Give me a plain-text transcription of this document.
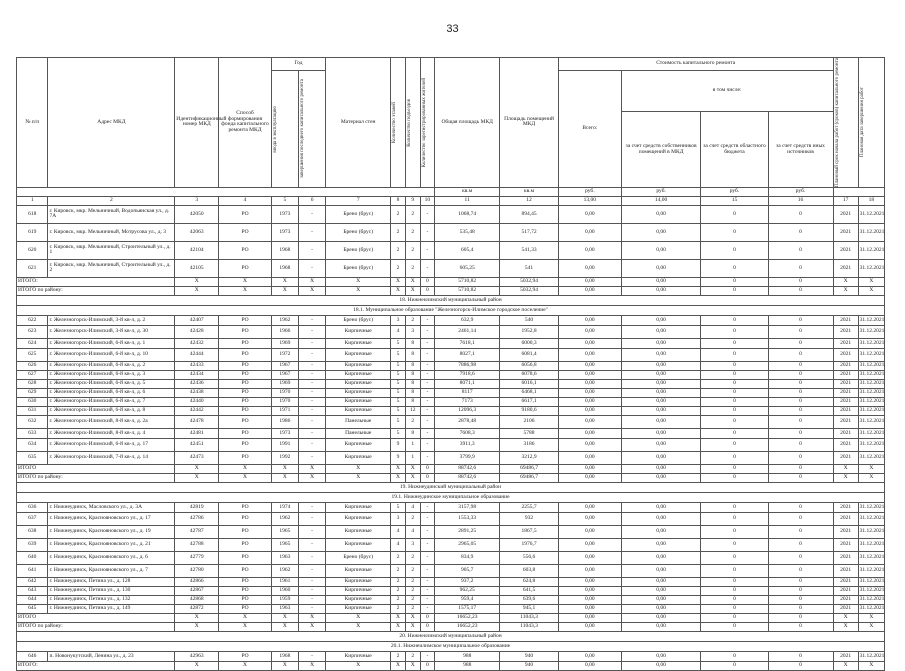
33
№ п/п	Адрес МКД	Идентификационный номер МКД	Способ формирования фонда капитального ремонта МКД	Год		Материал стен	Количество этажей	Количество подъездов	Количество зарегистрированных жителей	Общая площадь МКД	Площадь помещений МКД	Стоимость капитального ремонта				Плановый срок начала работ (сроков) капитального ремонта	Плановая дата завершения работ

				ввода в эксплуатацию	завершения последнего капитального ремонта							Всего:	в том числе:				
													за счет средств собственников помещений в МКД	за счет средств областного бюджета	за счет средств иных источников		
										кв.м	кв.м	руб.	руб.	руб.	руб.		
1	2	3	4	5	6	7	8	9	10	11	12	13,00	14,00	15	16	17	18
618	г. Кировск, мкр. Мельничный, Водопьянская ул., д. 7А	42050	РО	1973	-	Брено (брус)	2	2	-	1068,74	894,45	0,00	0,00	0	0	2021	31.12.2021
619	г. Кировск, мкр. Мельничный, Мотрусова ул., д. 3	42063	РО	1973	-	Брено (брус)	2	2	-	535,48	517,72	0,00	0,00	0	0	2021	31.12.2021
620	г. Кировск, мкр. Мельничный, Строительный ул., д. 1	42104	РО	1968	-	Брено (брус)	2	2	-	605,4	541,33	0,00	0,00	0	0	2021	31.12.2021
621	г. Кировск, мкр. Мельничный, Строительный ул., д. 2	42105	РО	1968	-	Брено (брус)	2	2	-	605,25	541	0,00	0,00	0	0	2021	31.12.2021
ИТОГО:		X	X	X	X	X	X	X	0	5710,82	5032,94	0,00	0,00	0	0	X	X
ИТОГО по району:		X	X	X	X	X	X	X	0	5710,82	5032,94	0,00	0,00	0	0	X	X
18. Нижнеилимский муниципальный район																	
18.1. Муниципальное образование "Железногорск-Илимское городское поселение"																	
622	г. Железногорск-Илимский, 3-й кв-л, д. 2	42407	РО	1962	-	Брено (брус)	3	2	-	632,9	540	0,00	0,00	0	0	2021	31.12.2021
623	г. Железногорск-Илимский, 3-й кв-л, д. 30	42428	РО	1966	-	Кирпичные	4	3	-	2461,14	1952,8	0,00	0,00	0	0	2021	31.12.2021
624	г. Железногорск-Илимский, 6-й кв-л, д. 1	42432	РО	1969	-	Кирпичные	5	8	-	7618,1	6000,3	0,00	0,00	0	0	2021	31.12.2021
625	г. Железногорск-Илимский, 6-й кв-л, д. 10	42444	РО	1972	-	Кирпичные	5	8	-	8027,1	6081,4	0,00	0,00	0	0	2021	31.12.2021
626	г. Железногорск-Илимский, 6-й кв-л, д. 2	42433	РО	1967	-	Кирпичные	5	8	-	7886,98	6056,8	0,00	0,00	0	0	2021	31.12.2021
627	г. Железногорск-Илимский, 6-й кв-л, д. 3	42434	РО	1967	-	Кирпичные	5	8	-	7918,6	6078,6	0,00	0,00	0	0	2021	31.12.2021
628	г. Железногорск-Илимский, 6-й кв-л, д. 5	42436	РО	1969	-	Кирпичные	5	8	-	8071,1	6016,1	0,00	0,00	0	0	2021	31.12.2021
629	г. Железногорск-Илимский, 6-й кв-л, д. 6	42438	РО	1970	-	Кирпичные	5	8	-	8117	6468,1	0,00	0,00	0	0	2021	31.12.2021
630	г. Железногорск-Илимский, 6-й кв-л, д. 7	42440	РО	1970	-	Кирпичные	5	8	-	7173	6617,1	0,00	0,00	0	0	2021	31.12.2021
631	г. Железногорск-Илимский, 6-й кв-л, д. 8	42442	РО	1971	-	Кирпичные	5	12	-	12096,3	9180,6	0,00	0,00	0	0	2021	31.12.2021
632	г. Железногорск-Илимский, 8-й кв-л, д. 2а	42478	РО	1986	-	Панельные	5	2	-	2878,48	2106	0,00	0,00	0	0	2021	31.12.2021
633	г. Железногорск-Илимский, 8-й кв-л, д. 4	42481	РО	1973	-	Панельные	5	8	-	7608,3	5788	0,00	0,00	0	0	2021	31.12.2021
634	г. Железногорск-Илимский, 6-й кв-л, д. 17	42451	РО	1991	-	Кирпичные	9	1	-	3911,3	3186	0,00	0,00	0	0	2021	31.12.2021
635	г. Железногорск-Илимский, 7-й кв-л, д. 14	42473	РО	1992	-	Кирпичные	9	1	-	3799,9	3212,9	0,00	0,00	0	0	2021	31.12.2021
ИТОГО		X	X	X	X	X	X	X	0	88742,6	69486,7	0,00	0,00	0	0	X	X
ИТОГО по району:		X	X	X	X	X	X	X	0	88742,6	69486,7	0,00	0,00	0	0	X	X
19. Нижнеудинский муниципальный район																	
19.1. Нижнеудинское муниципальное образование																	
636	г. Нижнеудинск, Масловского ул., д. 3А	42819	РО	1974	-	Кирпичные	5	4	-	3157,98	2255,7	0,00	0,00	0	0	2021	31.12.2021
637	г. Нижнеудинск, Краснояновского ул., д. 17	42786	РО	1962	-	Кирпичные	3	2	-	1553,33	932	0,00	0,00	0	0	2021	31.12.2021
638	г. Нижнеудинск, Краснояновского ул., д. 19	42787	РО	1965	-	Кирпичные	4	4	-	2891,25	1867,5	0,00	0,00	0	0	2021	31.12.2021
639	г. Нижнеудинск, Краснояновского ул., д. 21	42788	РО	1965	-	Кирпичные	4	3	-	2965,05	1976,7	0,00	0,00	0	0	2021	31.12.2021
640	г. Нижнеудинск, Краснояновского ул., д. 6	42779	РО	1963	-	Брено (брус)	2	2	-	834,9	556,6	0,00	0,00	0	0	2021	31.12.2021
641	г. Нижнеудинск, Краснояновского ул., д. 7	42780	РО	1962	-	Кирпичные	2	2	-	905,7	603,8	0,00	0,00	0	0	2021	31.12.2021
642	г. Нижнеудинск, Петина ул., д. 128	42866	РО	1961	-	Кирпичные	2	2	-	937,2	624,8	0,00	0,00	0	0	2021	31.12.2021
643	г. Нижнеудинск, Петина ул., д. 130	42867	РО	1960	-	Кирпичные	2	2	-	962,25	641,5	0,00	0,00	0	0	2021	31.12.2021
644	г. Нижнеудинск, Петина ул., д. 132	42868	РО	1959	-	Кирпичные	2	2	-	959,4	639,6	0,00	0,00	0	0	2021	31.12.2021
645	г. Нижнеудинск, Петина ул., д. 149	42872	РО	1963	-	Кирпичные	2	2	-	1575,17	945,1	0,00	0,00	0	0	2021	31.12.2021
ИТОГО		X	X	X	X	X	X	X	0	16652,23	11043,3	0,00	0,00	0	0	X	X
ИТОГО по району:		X	X	X	X	X	X	X	0	16652,23	11043,3	0,00	0,00	0	0	X	X
20. Нижнеилимский муниципальный район																	
20.1. Нижнеилимское муниципальное образование																	
646	п. Новонукутский, Ленина ул., д. 23	42963	РО	1968	-	Кирпичные	2	2	-	988	940	0,00	0,00	0	0	2021	31.12.2021
ИТОГО:		X	X	X	X	X	X	X	0	988	940	0,00	0,00	0	0	X	X
